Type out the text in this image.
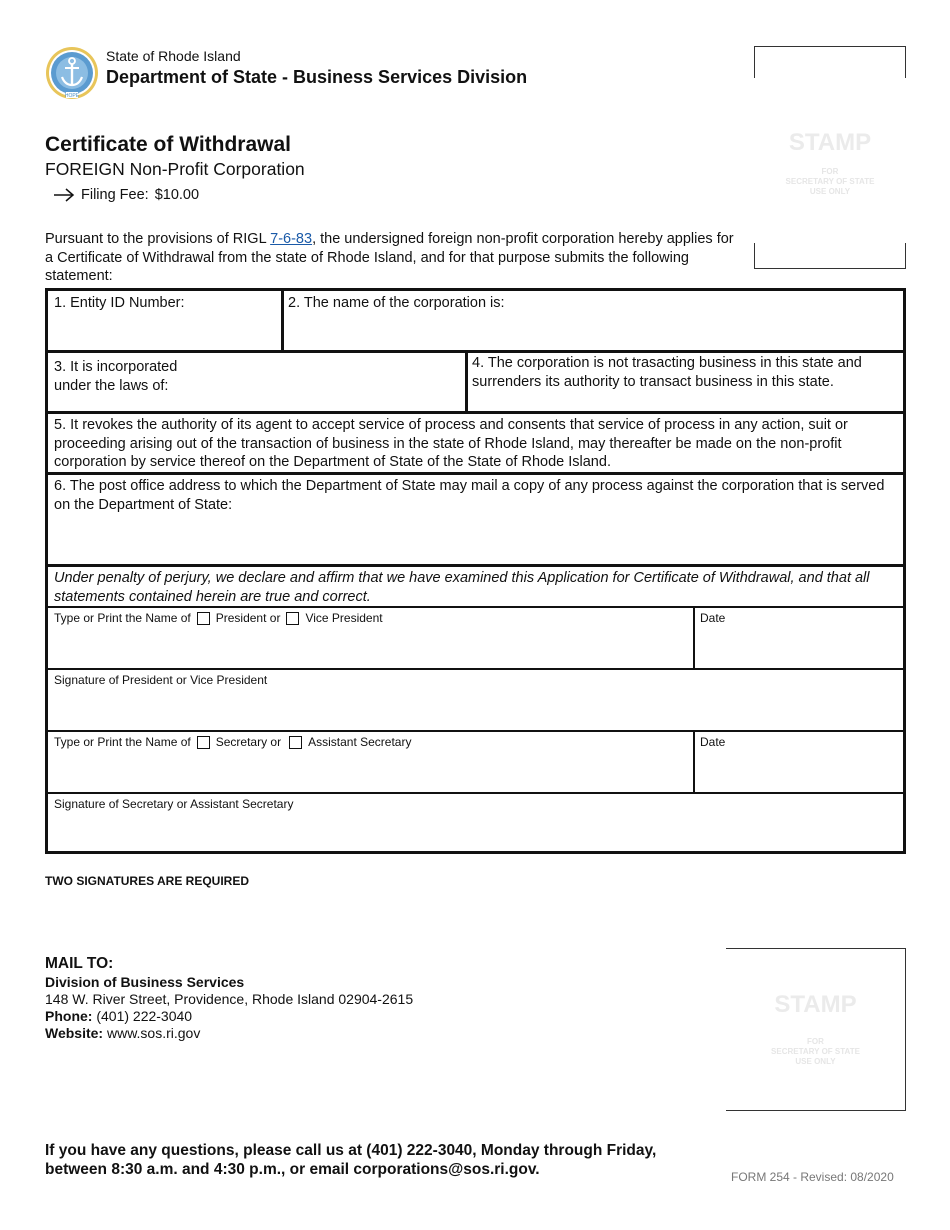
HOPE
State of Rhode Island
Department of State - Business Services Division
STAMP
FOR
SECRETARY OF STATE
USE ONLY
Certificate of Withdrawal
FOREIGN Non-Profit Corporation
Filing Fee: $10.00
Pursuant to the provisions of RIGL 7-6-83, the undersigned foreign non-profit corporation hereby applies for a Certificate of Withdrawal from the state of Rhode Island, and for that purpose submits the following statement:
1. Entity ID Number:	2. The name of the corporation is:
3. It is incorporated under the laws of:
4. The corporation is not trasacting business in this state and surrenders its authority to transact business in this state.
5. It revokes the authority of its agent to accept service of process and consents that service of process in any action, suit or proceeding arising out of the transaction of business in the state of Rhode Island, may thereafter be made on the non-profit corporation by service thereof on the Department of State of the State of Rhode Island.
6. The post office address to which the Department of State may mail a copy of any process against the corporation that is served on the Department of State:
Under penalty of perjury, we declare and affirm that we have examined this Application for Certificate of Withdrawal, and that all statements contained herein are true and correct.
Type or Print the Name of President or Vice President	Date
Signature of President or Vice President
Type or Print the Name of Secretary or Assistant Secretary	Date
Signature of Secretary or Assistant Secretary
TWO SIGNATURES ARE REQUIRED
MAIL TO:
Division of Business Services
148 W. River Street, Providence, Rhode Island 02904-2615
Phone: (401) 222-3040
Website: www.sos.ri.gov
STAMP
FOR
SECRETARY OF STATE
USE ONLY
If you have any questions, please call us at (401) 222-3040, Monday through Friday,
between 8:30 a.m. and 4:30 p.m., or email corporations@sos.ri.gov.	FORM 254 - Revised: 08/2020
